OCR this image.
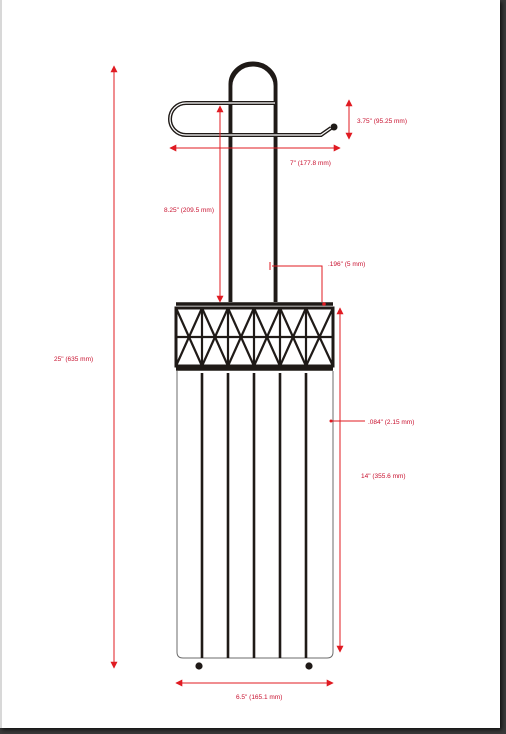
25" (635 mm)
3.75" (95.25 mm)
7" (177.8 mm)
8.25" (209.5 mm)
.196" (5 mm)
.084" (2.15 mm)
14" (355.6 mm)
6.5" (165.1 mm)
